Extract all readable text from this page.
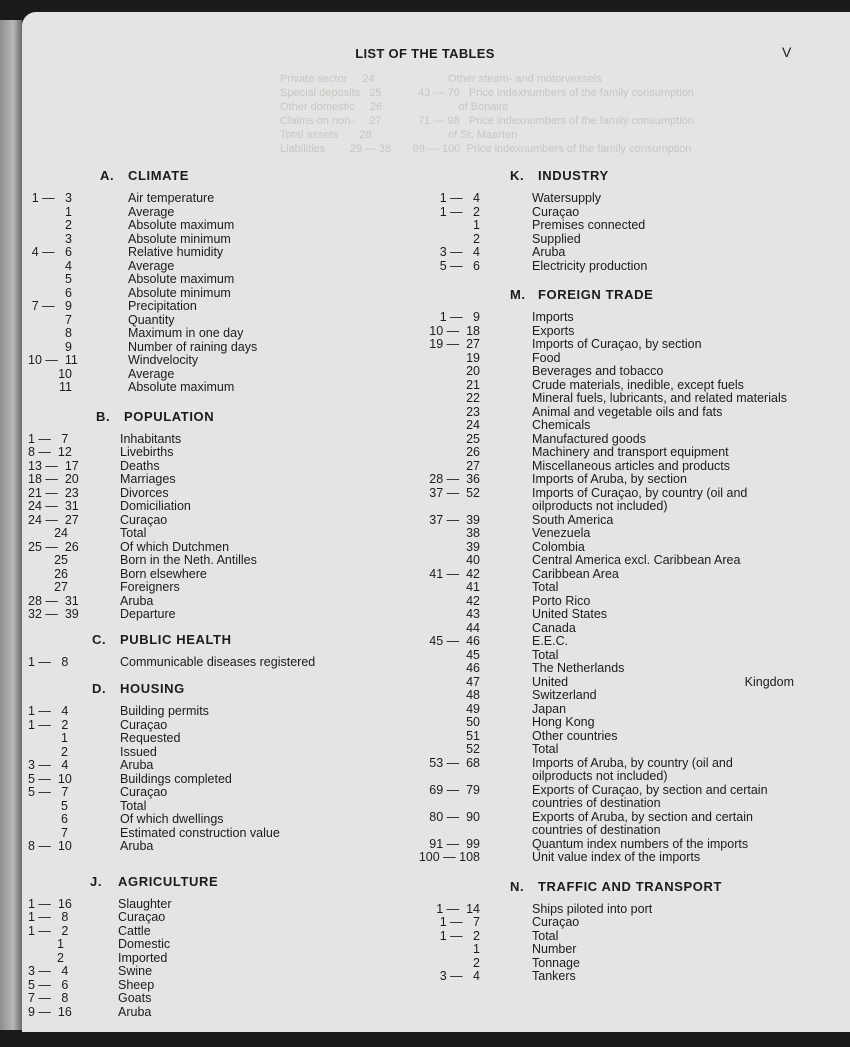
Private sector     24                        Other steam- and motorvessels
Special deposits   25            43 — 70   Price indexnumbers of the family consumption
Other domestic     26                         of Bonaire
Claims on non-     27            71 — 98   Price indexnumbers of the family consumption
Total assets       28                         of St. Maarten
Liabilities        29 — 38       99 — 100  Price indexnumbers of the family consumption
LIST OF THE TABLES	V
A.	CLIMATE
1 —   3	Air temperature
1	Average
2	Absolute maximum
3	Absolute minimum
4 —   6	Relative humidity
4	Average
5	Absolute maximum
6	Absolute minimum
7 —   9	Precipitation
7	Quantity
8	Maximum in one day
9	Number of raining days
10 —  11	Windvelocity
10	Average
11	Absolute maximum
B.	POPULATION
1 —   7	Inhabitants
8 —  12	Livebirths
13 —  17	Deaths
18 —  20	Marriages
21 —  23	Divorces
24 —  31	Domiciliation
24 —  27	Curaçao
24	Total
25 —  26	Of which Dutchmen
25	Born in the Neth. Antilles
26	Born elsewhere
27	Foreigners
28 —  31	Aruba
32 —  39	Departure
C.	PUBLIC HEALTH
1 —   8	Communicable diseases registered
D.	HOUSING
1 —   4	Building permits
1 —   2	Curaçao
1	Requested
2	Issued
3 —   4	Aruba
5 —  10	Buildings completed
5 —   7	Curaçao
5	Total
6	Of which dwellings
7	Estimated construction value
8 —  10	Aruba
J.	AGRICULTURE
1 —  16	Slaughter
1 —   8	Curaçao
1 —   2	Cattle
1	Domestic
2	Imported
3 —   4	Swine
5 —   6	Sheep
7 —   8	Goats
9 —  16	Aruba
K.	INDUSTRY
1 —   4	Watersupply
1 —   2	Curaçao
1	Premises connected
2	Supplied
3 —   4	Aruba
5 —   6	Electricity production
M. FOREIGN TRADE
1 —   9	Imports
10 —  18	Exports
19 —  27	Imports of Curaçao, by section
19	Food
20	Beverages and tobacco
21	Crude materials, inedible, except fuels
22	Mineral fuels, lubricants, and related materials
23	Animal and vegetable oils and fats
24	Chemicals
25	Manufactured goods
26	Machinery and transport equipment
27	Miscellaneous articles and products
28 —  36	Imports of Aruba, by section
37 —  52	Imports of Curaçao, by country (oil and oilproducts not included)
37 —  39	South America
38	Venezuela
39	Colombia
40	Central America excl. Caribbean Area
41 —  42	Caribbean Area
41	Total
42	Porto Rico
43	United States
44	Canada
45 —  46	E.E.C.
45	Total
46	The Netherlands
47	United Kingdom
48	Switzerland
49	Japan
50	Hong Kong
51	Other countries
52	Total
53 —  68	Imports of Aruba, by country (oil and oilproducts not included)
69 —  79	Exports of Curaçao, by section and certain countries of destination
80 —  90	Exports of Aruba, by section and certain countries of destination
91 —  99	Quantum index numbers of the imports
100 — 108	Unit value index of the imports
N.	TRAFFIC AND TRANSPORT
1 —  14	Ships piloted into port
1 —   7	Curaçao
1 —   2	Total
1	Number
2	Tonnage
3 —   4	Tankers
